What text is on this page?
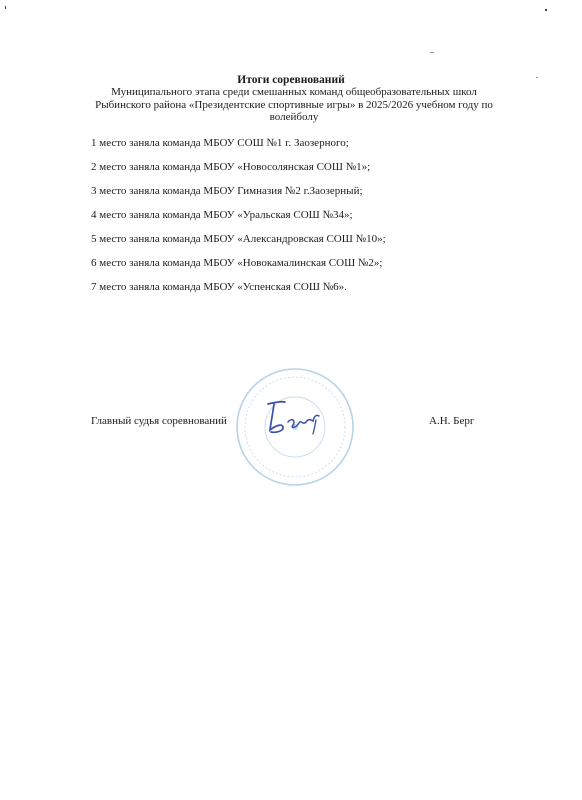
Итоги соревнований
Муниципального этапа среди смешанных команд общеобразовательных школ Рыбинского района «Президентские спортивные игры» в 2025/2026 учебном году по волейболу
1 место заняла команда МБОУ СОШ №1 г. Заозерного;
2 место заняла команда МБОУ «Новосолянская СОШ №1»;
3 место заняла команда МБОУ Гимназия №2 г.Заозерный;
4 место заняла команда МБОУ «Уральская СОШ №34»;
5 место заняла команда МБОУ «Александровская СОШ №10»;
6 место заняла команда МБОУ «Новокамалинская СОШ №2»;
7 место заняла команда МБОУ «Успенская СОШ №6».
Главный судья соревнований	А.Н. Берг
